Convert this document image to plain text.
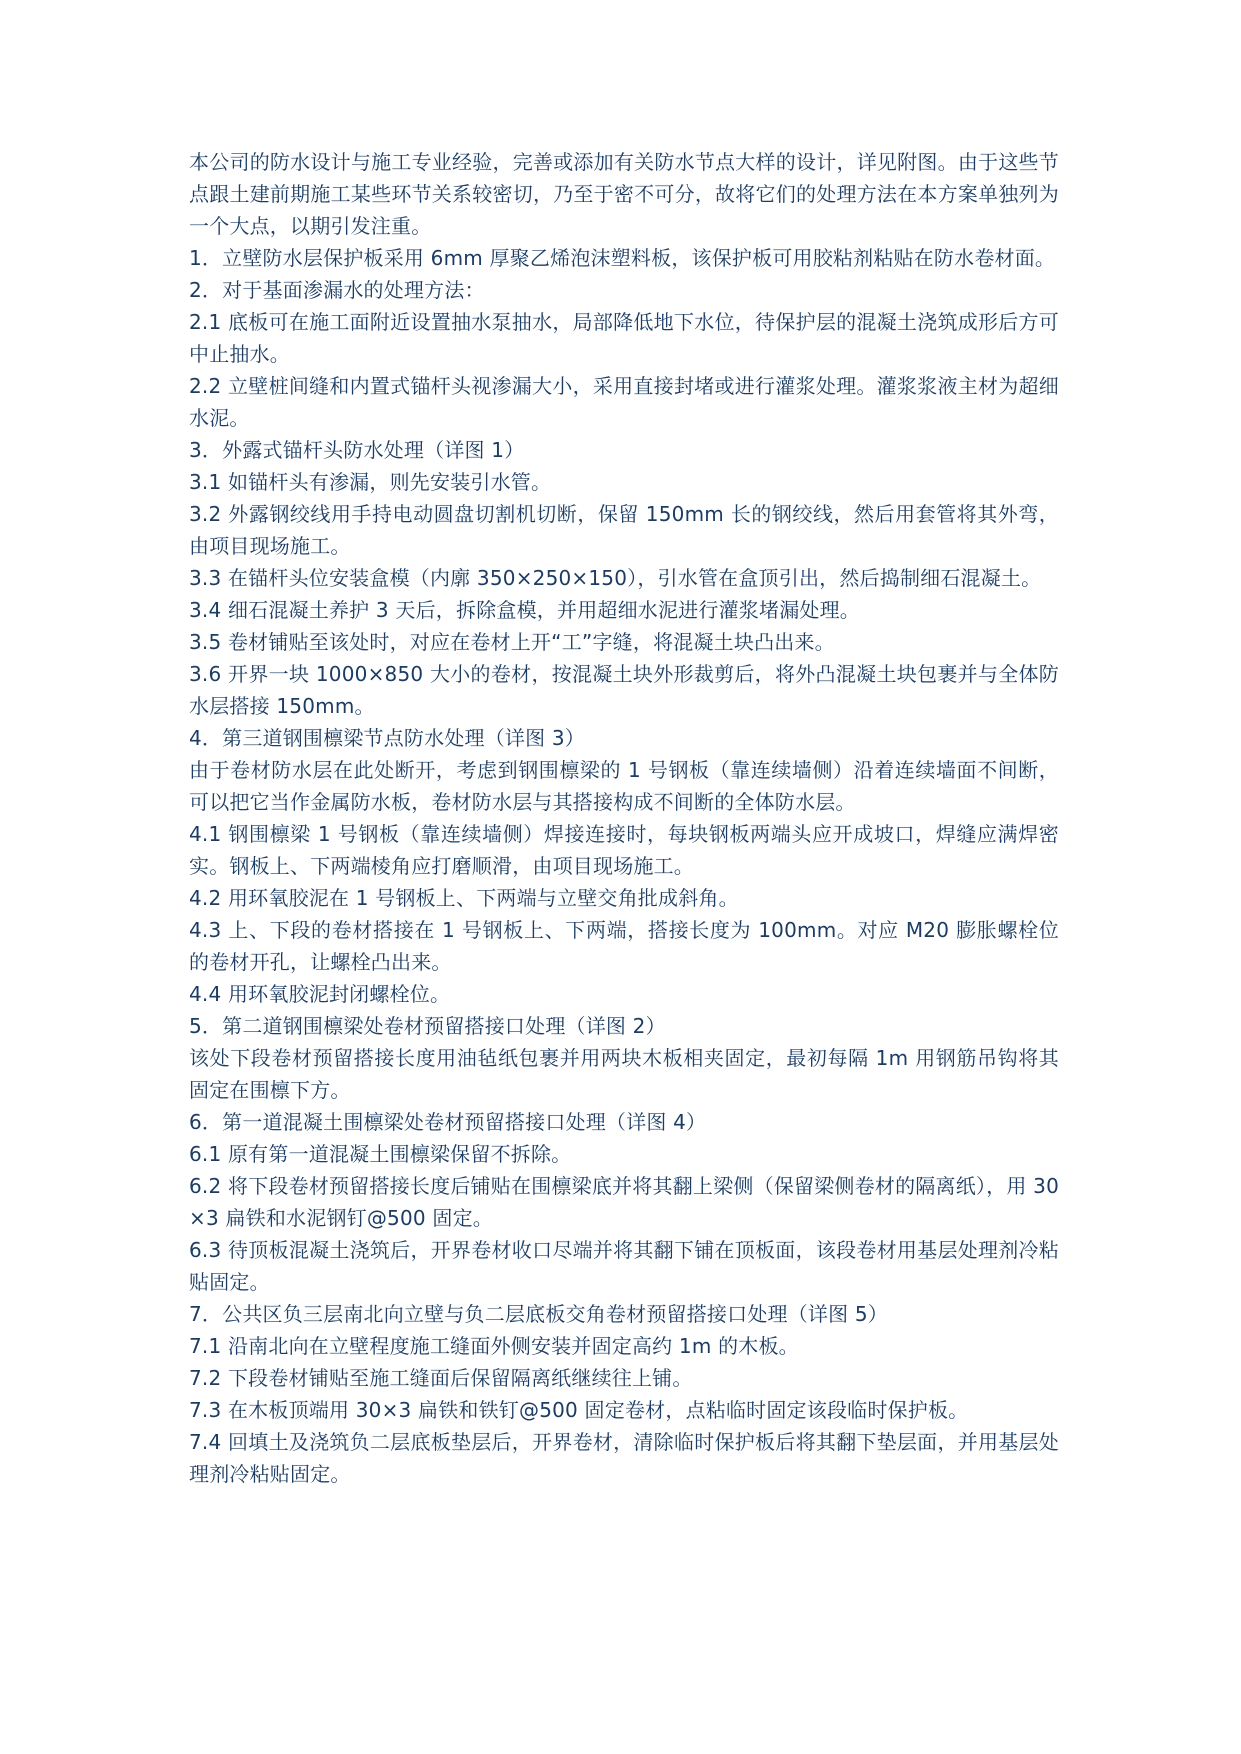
本公司的防水设计与施工专业经验，完善或添加有关防水节点大样的设计，详见附图。由于这些节点跟土建前期施工某些环节关系较密切，乃至于密不可分，故将它们的处理方法在本方案单独列为一个大点，以期引发注重。

1．立壁防水层保护板采用 6mm 厚聚乙烯泡沫塑料板，该保护板可用胶粘剂粘贴在防水卷材面。

2．对于基面渗漏水的处理方法：

2.1 底板可在施工面附近设置抽水泵抽水，局部降低地下水位，待保护层的混凝土浇筑成形后方可中止抽水。

2.2 立壁桩间缝和内置式锚杆头视渗漏大小，采用直接封堵或进行灌浆处理。灌浆浆液主材为超细水泥。

3．外露式锚杆头防水处理（详图 1）

3.1 如锚杆头有渗漏，则先安装引水管。

3.2 外露钢绞线用手持电动圆盘切割机切断，保留 150mm 长的钢绞线，然后用套管将其外弯，由项目现场施工。

3.3 在锚杆头位安装盒模（内廓 350×250×150），引水管在盒顶引出，然后捣制细石混凝土。

3.4 细石混凝土养护 3 天后，拆除盒模，并用超细水泥进行灌浆堵漏处理。

3.5 卷材铺贴至该处时，对应在卷材上开“工”字缝，将混凝土块凸出来。

3.6 开界一块 1000×850 大小的卷材，按混凝土块外形裁剪后，将外凸混凝土块包裹并与全体防水层搭接 150mm。

4．第三道钢围檩梁节点防水处理（详图 3）

由于卷材防水层在此处断开，考虑到钢围檩梁的 1 号钢板（靠连续墙侧）沿着连续墙面不间断，可以把它当作金属防水板，卷材防水层与其搭接构成不间断的全体防水层。

4.1 钢围檩梁 1 号钢板（靠连续墙侧）焊接连接时，每块钢板两端头应开成坡口，焊缝应满焊密实。钢板上、下两端棱角应打磨顺滑，由项目现场施工。

4.2 用环氧胶泥在 1 号钢板上、下两端与立壁交角批成斜角。

4.3 上、下段的卷材搭接在 1 号钢板上、下两端，搭接长度为 100mm。对应 M20 膨胀螺栓位的卷材开孔，让螺栓凸出来。

4.4 用环氧胶泥封闭螺栓位。

5．第二道钢围檩梁处卷材预留搭接口处理（详图 2）

该处下段卷材预留搭接长度用油毡纸包裹并用两块木板相夹固定，最初每隔 1m 用钢筋吊钩将其固定在围檩下方。

6．第一道混凝土围檩梁处卷材预留搭接口处理（详图 4）

6.1 原有第一道混凝土围檩梁保留不拆除。

6.2 将下段卷材预留搭接长度后铺贴在围檩梁底并将其翻上梁侧（保留梁侧卷材的隔离纸），用 30×3 扁铁和水泥钢钉@500 固定。

6.3 待顶板混凝土浇筑后，开界卷材收口尽端并将其翻下铺在顶板面，该段卷材用基层处理剂冷粘贴固定。

7．公共区负三层南北向立壁与负二层底板交角卷材预留搭接口处理（详图 5）

7.1 沿南北向在立壁程度施工缝面外侧安装并固定高约 1m 的木板。

7.2 下段卷材铺贴至施工缝面后保留隔离纸继续往上铺。

7.3 在木板顶端用 30×3 扁铁和铁钉@500 固定卷材，点粘临时固定该段临时保护板。

7.4 回填土及浇筑负二层底板垫层后，开界卷材，清除临时保护板后将其翻下垫层面，并用基层处理剂冷粘贴固定。
